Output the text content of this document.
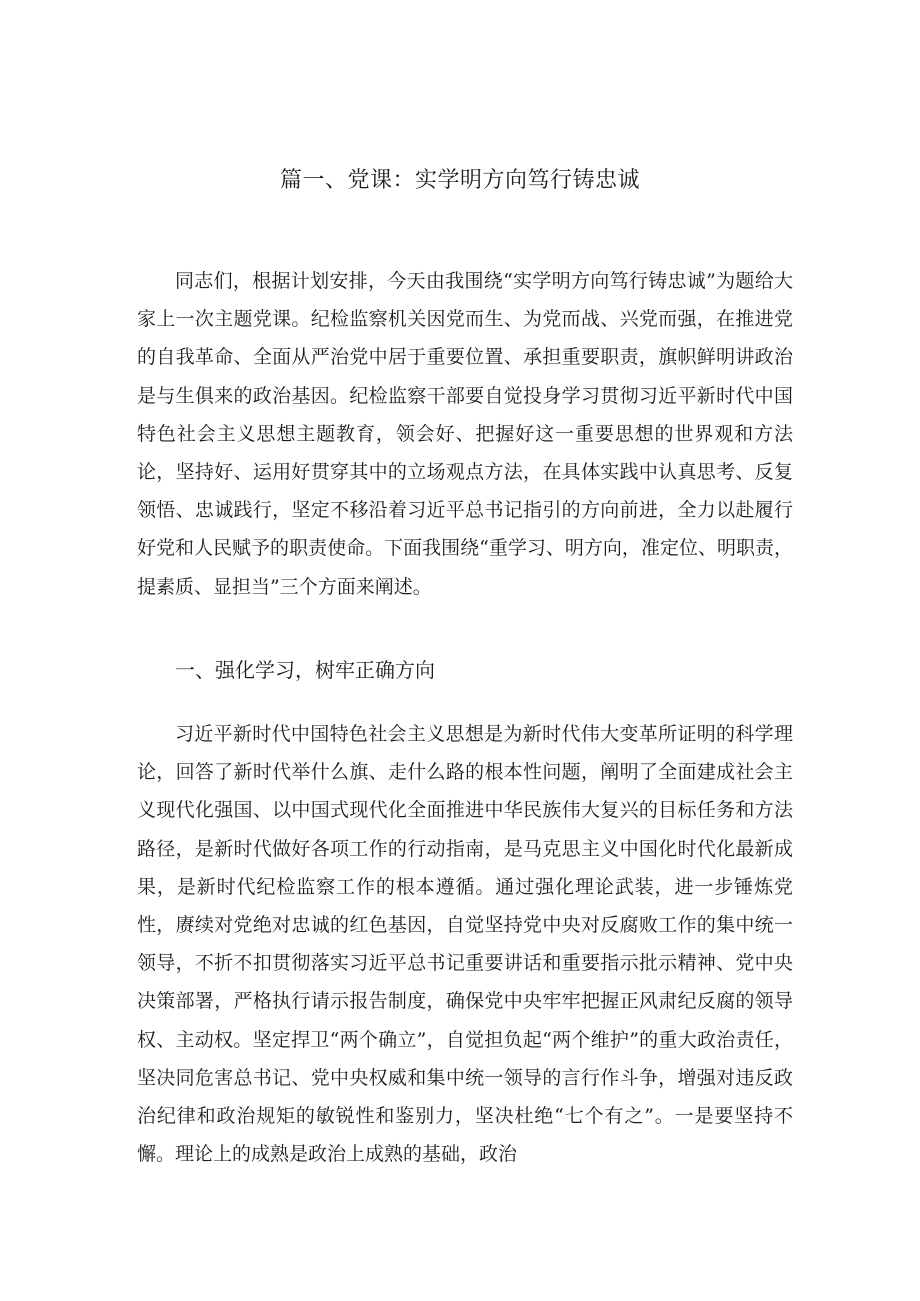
篇一、党课：实学明方向笃行铸忠诚

同志们，根据计划安排，今天由我围绕“实学明方向笃行铸忠诚”为题给大家上一次主题党课。纪检监察机关因党而生、为党而战、兴党而强，在推进党的自我革命、全面从严治党中居于重要位置、承担重要职责，旗帜鲜明讲政治是与生俱来的政治基因。纪检监察干部要自觉投身学习贯彻习近平新时代中国特色社会主义思想主题教育，领会好、把握好这一重要思想的世界观和方法论，坚持好、运用好贯穿其中的立场观点方法，在具体实践中认真思考、反复领悟、忠诚践行，坚定不移沿着习近平总书记指引的方向前进，全力以赴履行好党和人民赋予的职责使命。下面我围绕“重学习、明方向，准定位、明职责，提素质、显担当”三个方面来阐述。

一、强化学习，树牢正确方向

习近平新时代中国特色社会主义思想是为新时代伟大变革所证明的科学理论，回答了新时代举什么旗、走什么路的根本性问题，阐明了全面建成社会主义现代化强国、以中国式现代化全面推进中华民族伟大复兴的目标任务和方法路径，是新时代做好各项工作的行动指南，是马克思主义中国化时代化最新成果，是新时代纪检监察工作的根本遵循。通过强化理论武装，进一步锤炼党性，赓续对党绝对忠诚的红色基因，自觉坚持党中央对反腐败工作的集中统一领导，不折不扣贯彻落实习近平总书记重要讲话和重要指示批示精神、党中央决策部署，严格执行请示报告制度，确保党中央牢牢把握正风肃纪反腐的领导权、主动权。坚定捍卫“两个确立”，自觉担负起“两个维护”的重大政治责任，坚决同危害总书记、党中央权威和集中统一领导的言行作斗争，增强对违反政治纪律和政治规矩的敏锐性和鉴别力，坚决杜绝“七个有之”。一是要坚持不懈。理论上的成熟是政治上成熟的基础，政治
